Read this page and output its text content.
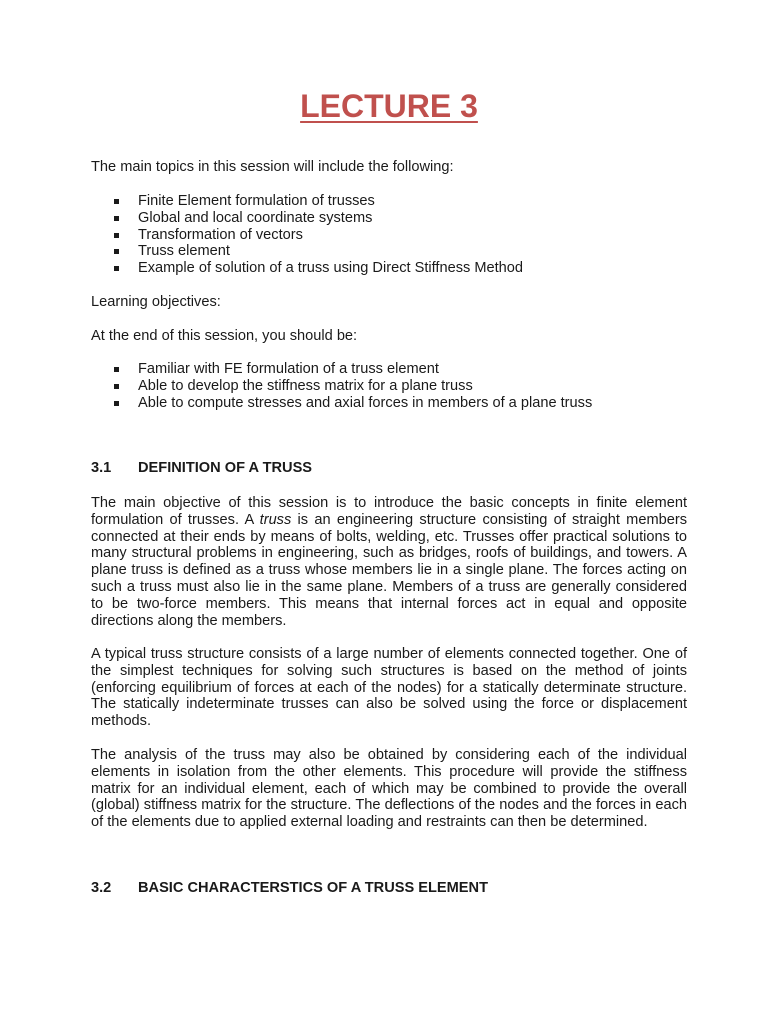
LECTURE 3

The main topics in this session will include the following:

Finite Element formulation of trusses
Global and local coordinate systems
Transformation of vectors
Truss element
Example of solution of a truss using Direct Stiffness Method

Learning objectives:

At the end of this session, you should be:

Familiar with FE formulation of a truss element
Able to develop the stiffness matrix for a plane truss
Able to compute stresses and axial forces in members of a plane truss
3.1 DEFINITION OF A TRUSS

The main objective of this session is to introduce the basic concepts in finite element formulation of trusses. A truss is an engineering structure consisting of straight members connected at their ends by means of bolts, welding, etc. Trusses offer practical solutions to many structural problems in engineering, such as bridges, roofs of buildings, and towers. A plane truss is defined as a truss whose members lie in a single plane. The forces acting on such a truss must also lie in the same plane. Members of a truss are generally considered to be two-force members. This means that internal forces act in equal and opposite directions along the members.

A typical truss structure consists of a large number of elements connected together. One of the simplest techniques for solving such structures is based on the method of joints (enforcing equilibrium of forces at each of the nodes) for a statically determinate structure. The statically indeterminate trusses can also be solved using the force or displacement methods.

The analysis of the truss may also be obtained by considering each of the individual elements in isolation from the other elements. This procedure will provide the stiffness matrix for an individual element, each of which may be combined to provide the overall (global) stiffness matrix for the structure. The deflections of the nodes and the forces in each of the elements due to applied external loading and restraints can then be determined.

3.2 BASIC CHARACTERSTICS OF A TRUSS ELEMENT
